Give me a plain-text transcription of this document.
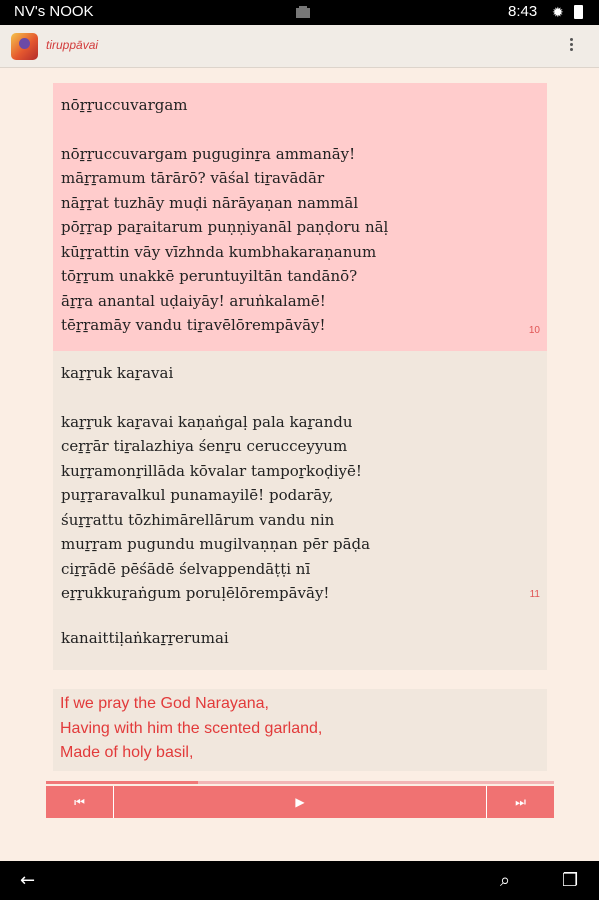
NV's NOOK	8:43 ✹
tiruppāvai
nōṟṟuccuvargam
nōṟṟuccuvargam puguginṟa ammanāy!
māṟṟamum tārārō? vāśal tiṟavādār
nāṟṟat tuzhāy muḍi nārāyaṇan nammāl
pōṟṟap paṟaitarum puṇṇiyanāl paṇḍoru nāḷ
kūṟṟattin vāy vīzhnda kumbhakaraṇanum
tōṟṟum unakkē peruntuyiltān tandānō?
āṟṟa anantal uḍaiyāy! aruṅkalamē!
tēṟṟamāy vandu tiṟavēlōrempāvāy!	10
kaṟṟuk kaṟavai
kaṟṟuk kaṟavai kaṇaṅgaḷ pala kaṟandu
ceṟṟār tiṟalazhiya śenṟu cerucceyyum
kuṟṟamonṟillāda kōvalar tampoṟkoḍiyē!
puṟṟaravalkul punamayilē! podarāy,
śuṟṟattu tōzhimārellārum vandu nin
muṟṟam pugundu mugilvaṇṇan pēr pāḍa
ciṟṟādē pēśādē śelvappendāṭṭi nī
eṟṟukkuṟaṅgum poruḷēlōrempāvāy!	11
kanaittiḷaṅkaṟṟerumai
If we pray the God Narayana,
Having with him the scented garland,
Made of holy basil,
⏮	▶	⏭
←	⌕	❐
